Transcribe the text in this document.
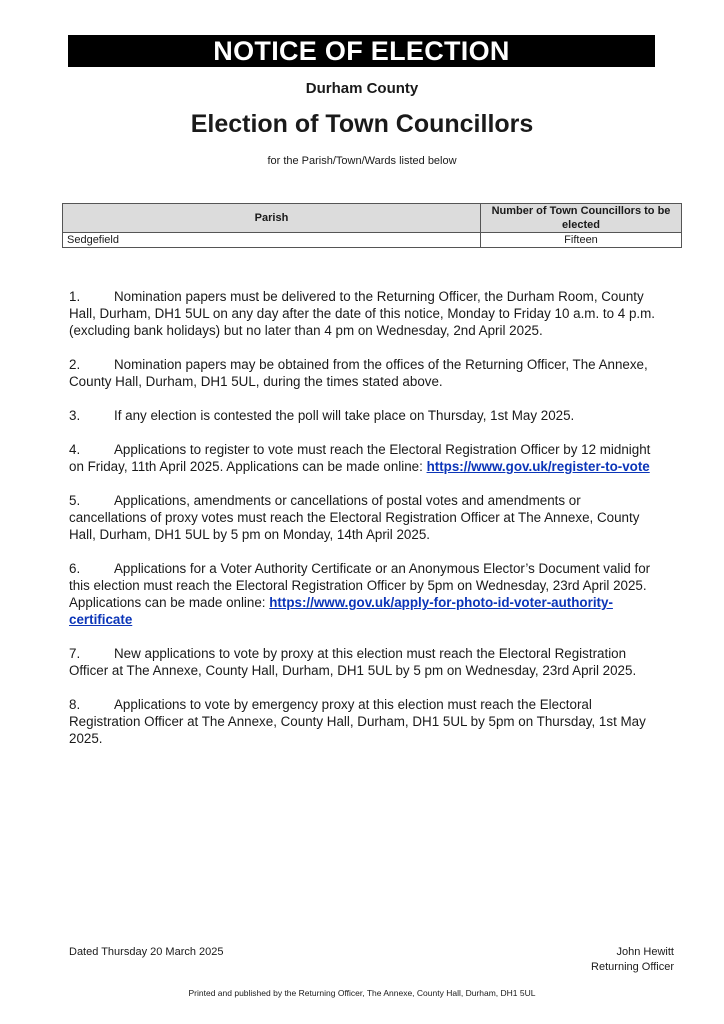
NOTICE OF ELECTION
Durham County
Election of Town Councillors
for the Parish/Town/Wards listed below
Parish	Number of Town Councillors to be elected
Sedgefield	Fifteen

1.	Nomination papers must be delivered to the Returning Officer, the Durham Room, County Hall, Durham, DH1 5UL on any day after the date of this notice, Monday to Friday 10 a.m. to 4 p.m. (excluding bank holidays) but no later than 4 pm on Wednesday, 2nd April 2025.

2.	Nomination papers may be obtained from the offices of the Returning Officer, The Annexe, County Hall, Durham, DH1 5UL, during the times stated above.

3.	If any election is contested the poll will take place on Thursday, 1st May 2025.

4.	Applications to register to vote must reach the Electoral Registration Officer by 12 midnight on Friday, 11th April 2025. Applications can be made online: https://www.gov.uk/register-to-vote

5.	Applications, amendments or cancellations of postal votes and amendments or cancellations of proxy votes must reach the Electoral Registration Officer at The Annexe, County Hall, Durham, DH1 5UL by 5 pm on Monday, 14th April 2025.

6.	Applications for a Voter Authority Certificate or an Anonymous Elector’s Document valid for this election must reach the Electoral Registration Officer by 5pm on Wednesday, 23rd April 2025. Applications can be made online: https://www.gov.uk/apply-for-photo-id-voter-authority-certificate

7.	New applications to vote by proxy at this election must reach the Electoral Registration Officer at The Annexe, County Hall, Durham, DH1 5UL by 5 pm on Wednesday, 23rd April 2025.

8.	Applications to vote by emergency proxy at this election must reach the Electoral Registration Officer at The Annexe, County Hall, Durham, DH1 5UL by 5pm on Thursday, 1st May 2025.

Dated Thursday 20 March 2025	John Hewitt
Returning Officer
Printed and published by the Returning Officer, The Annexe, County Hall, Durham, DH1 5UL
